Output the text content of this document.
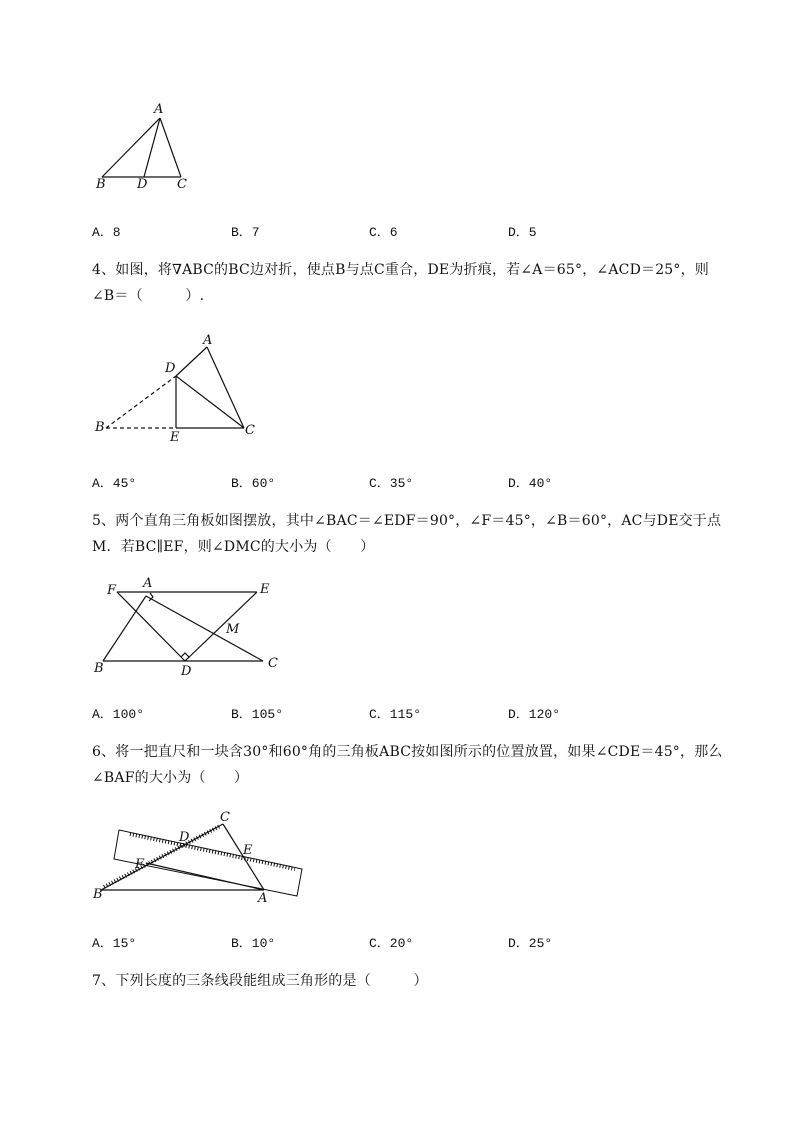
A
B D C
A．8	B．7	C．6	D．5
4、如图，将∇ABC的BC边对折，使点B与点C重合，DE为折痕，若∠A＝65°，∠ACD＝25°，则
∠B＝（　　　）.
A
D
B
E	C
A．45°	B．60°	C．35°	D．40°
5、两个直角三角板如图摆放，其中∠BAC＝∠EDF＝90°，∠F＝45°，∠B＝60°，AC与DE交于点
M．若BC∥EF，则∠DMC的大小为（　　）
F A	E
M
B	D
C
A．100°	B．105°	C．115°	D．120°
6、将一把直尺和一块含30°和60°角的三角板ABC按如图所示的位置放置，如果∠CDE＝45°，那么
∠BAF的大小为（　　）
C
D
E
F
B	A
A．15°	B．10°	C．20°	D．25°
7、下列长度的三条线段能组成三角形的是（　　　）
